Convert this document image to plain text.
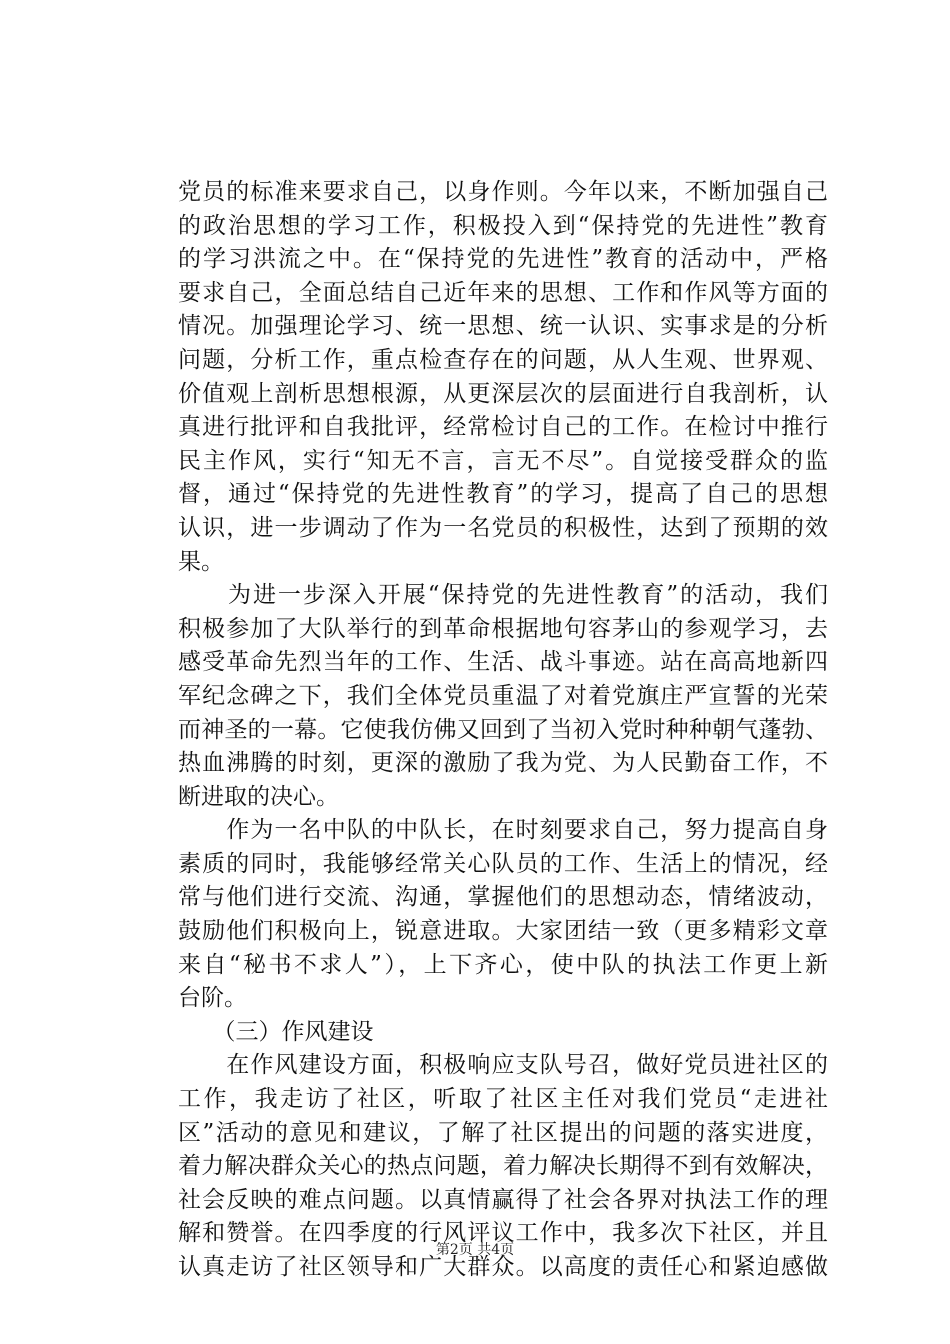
党员的标准来要求自己，以身作则。今年以来，不断加强自己
的政治思想的学习工作，积极投入到“保持党的先进性”教育
的学习洪流之中。在“保持党的先进性”教育的活动中，严格
要求自己，全面总结自己近年来的思想、工作和作风等方面的
情况。加强理论学习、统一思想、统一认识、实事求是的分析
问题，分析工作，重点检查存在的问题，从人生观、世界观、
价值观上剖析思想根源，从更深层次的层面进行自我剖析，认
真进行批评和自我批评，经常检讨自己的工作。在检讨中推行
民主作风，实行“知无不言，言无不尽”。自觉接受群众的监
督，通过“保持党的先进性教育”的学习，提高了自己的思想
认识，进一步调动了作为一名党员的积极性，达到了预期的效
果。
　　为进一步深入开展“保持党的先进性教育”的活动，我们
积极参加了大队举行的到革命根据地句容茅山的参观学习，去
感受革命先烈当年的工作、生活、战斗事迹。站在高高地新四
军纪念碑之下，我们全体党员重温了对着党旗庄严宣誓的光荣
而神圣的一幕。它使我仿佛又回到了当初入党时种种朝气蓬勃、
热血沸腾的时刻，更深的激励了我为党、为人民勤奋工作，不
断进取的决心。
　　作为一名中队的中队长，在时刻要求自己，努力提高自身
素质的同时，我能够经常关心队员的工作、生活上的情况，经
常与他们进行交流、沟通，掌握他们的思想动态，情绪波动，
鼓励他们积极向上，锐意进取。大家团结一致（更多精彩文章
来自“秘书不求人”），上下齐心，使中队的执法工作更上新
台阶。
　　（三）作风建设
　　在作风建设方面，积极响应支队号召，做好党员进社区的
工作，我走访了社区，听取了社区主任对我们党员“走进社
区”活动的意见和建议，了解了社区提出的问题的落实进度，
着力解决群众关心的热点问题，着力解决长期得不到有效解决，
社会反映的难点问题。以真情赢得了社会各界对执法工作的理
解和赞誉。在四季度的行风评议工作中，我多次下社区，并且
认真走访了社区领导和广大群众。以高度的责任心和紧迫感做
第2页 共4页
